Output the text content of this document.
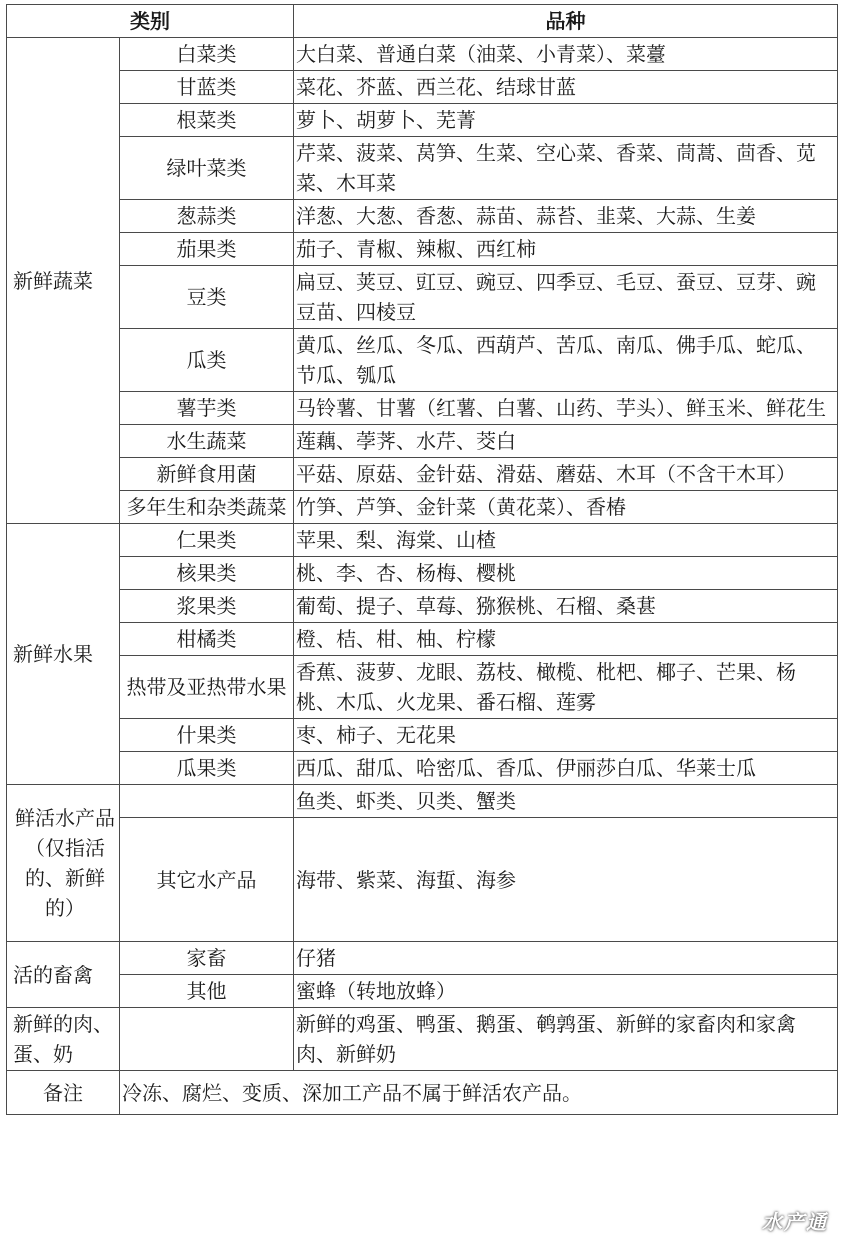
类别		品种
新鲜蔬菜	白菜类	大白菜、普通白菜（油菜、小青菜）、菜薹
	甘蓝类	菜花、芥蓝、西兰花、结球甘蓝
	根菜类	萝卜、胡萝卜、芜菁
	绿叶菜类	芹菜、菠菜、莴笋、生菜、空心菜、香菜、茼蒿、茴香、苋菜、木耳菜
	葱蒜类	洋葱、大葱、香葱、蒜苗、蒜苔、韭菜、大蒜、生姜
	茄果类	茄子、青椒、辣椒、西红柿
	豆类	扁豆、荚豆、豇豆、豌豆、四季豆、毛豆、蚕豆、豆芽、豌豆苗、四棱豆
	瓜类	黄瓜、丝瓜、冬瓜、西葫芦、苦瓜、南瓜、佛手瓜、蛇瓜、节瓜、瓠瓜
	薯芋类	马铃薯、甘薯（红薯、白薯、山药、芋头）、鲜玉米、鲜花生
	水生蔬菜	莲藕、荸荠、水芹、茭白
	新鲜食用菌	平菇、原菇、金针菇、滑菇、蘑菇、木耳（不含干木耳）
	多年生和杂类蔬菜	竹笋、芦笋、金针菜（黄花菜）、香椿
新鲜水果	仁果类	苹果、梨、海棠、山楂
	核果类	桃、李、杏、杨梅、樱桃
	浆果类	葡萄、提子、草莓、猕猴桃、石榴、桑葚
	柑橘类	橙、桔、柑、柚、柠檬
	热带及亚热带水果	香蕉、菠萝、龙眼、荔枝、橄榄、枇杷、椰子、芒果、杨桃、木瓜、火龙果、番石榴、莲雾
	什果类	枣、柿子、无花果
	瓜果类	西瓜、甜瓜、哈密瓜、香瓜、伊丽莎白瓜、华莱士瓜
鲜活水产品（仅指活的、新鲜的）		鱼类、虾类、贝类、蟹类
	其它水产品	海带、紫菜、海蜇、海参
活的畜禽	家畜	仔猪
	其他	蜜蜂（转地放蜂）
新鲜的肉、蛋、奶		新鲜的鸡蛋、鸭蛋、鹅蛋、鹌鹑蛋、新鲜的家畜肉和家禽肉、新鲜奶
备注	冷冻、腐烂、变质、深加工产品不属于鲜活农产品。	
水产通
